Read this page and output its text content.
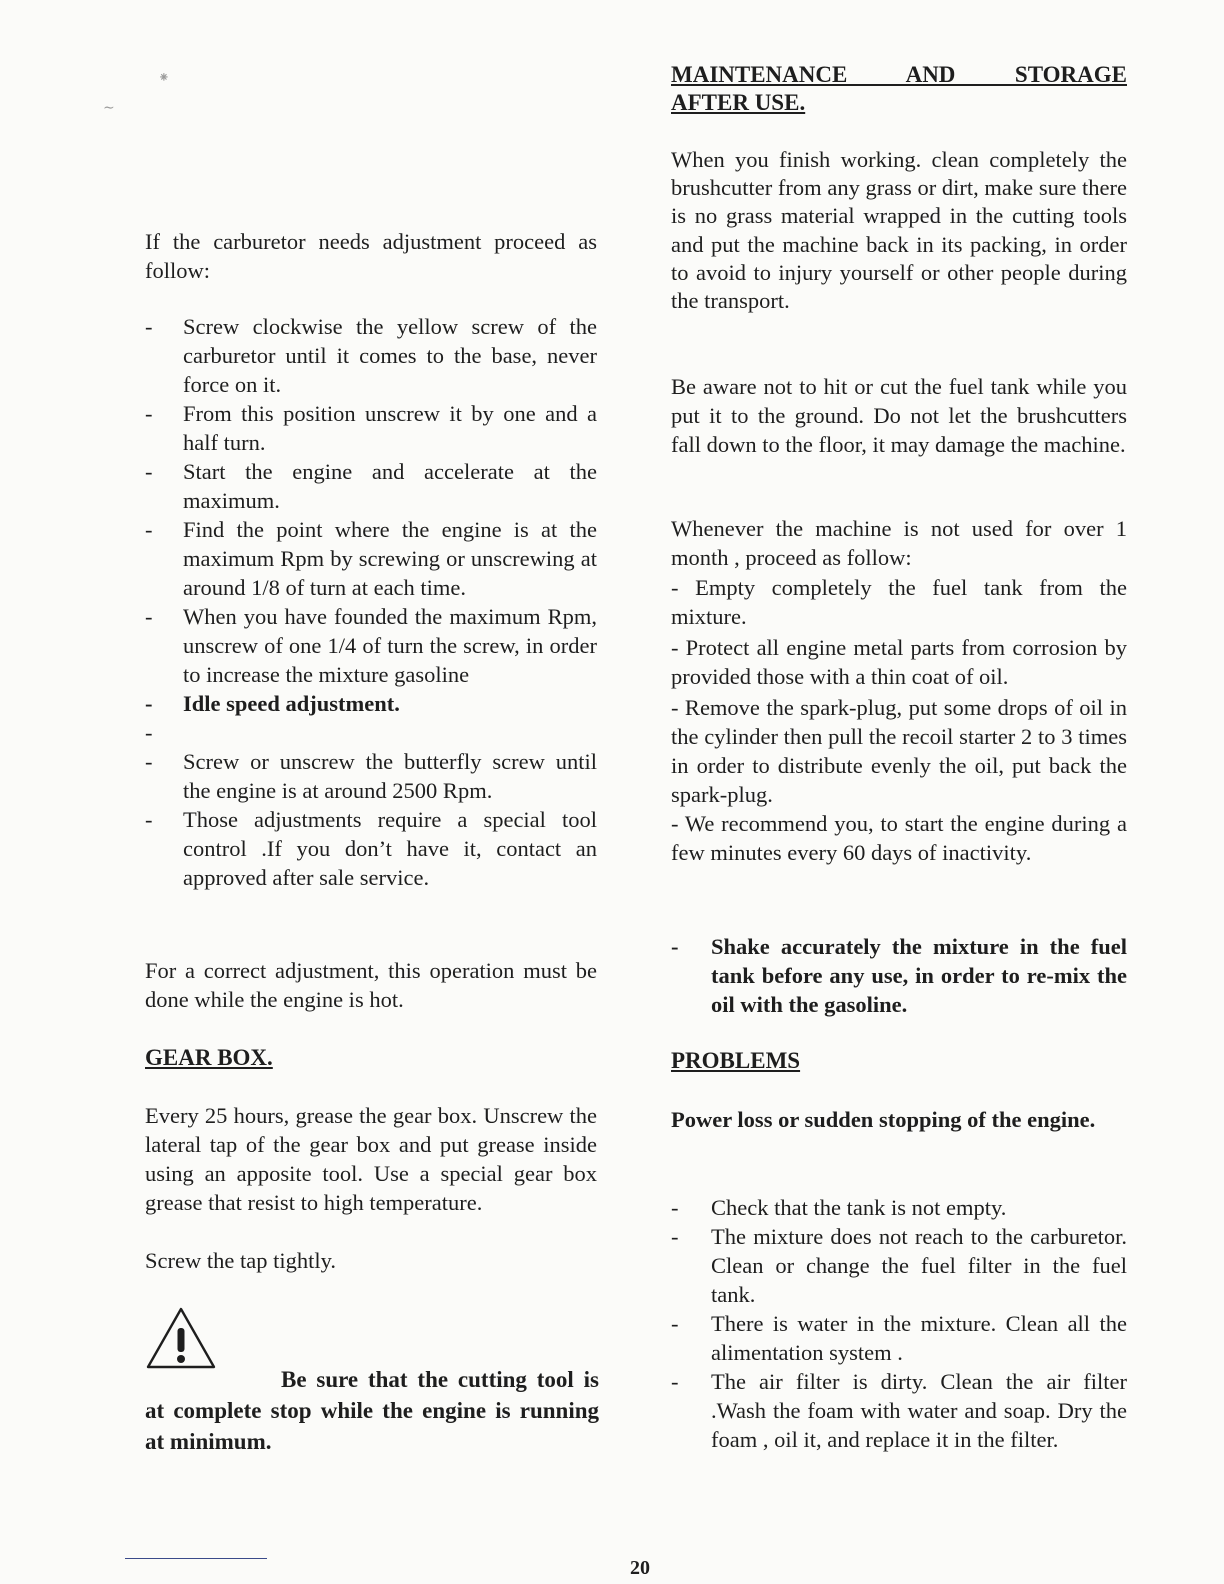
⁕
∼

If the carburetor needs adjustment proceed as follow:

- Screw clockwise the yellow screw of the carburetor until it comes to the base, never force on it.
- From this position unscrew it by one and a half turn.
- Start the engine and accelerate at the maximum.
- Find the point where the engine is at the maximum Rpm by screwing or unscrewing at around 1/8 of turn at each time.
- When you have founded the maximum Rpm, unscrew of one 1/4 of turn the screw, in order to increase the mixture gasoline
- Idle speed adjustment.
-
- Screw or unscrew the butterfly screw until the engine is at around 2500 Rpm.
- Those adjustments require a special tool control .If you don’t have it, contact an approved after sale service.

For a correct adjustment, this operation must be done while the engine is hot.

GEAR BOX.

Every 25 hours, grease the gear box. Unscrew the lateral tap of the gear box and put grease inside using an apposite tool. Use a special gear box grease that resist to high temperature.

Screw the tap tightly.

Be sure that the cutting tool is at complete stop while the engine is running at minimum.
MAINTENANCE AND STORAGE
AFTER USE.

When you finish working. clean completely the brushcutter from any grass or dirt, make sure there is no grass material wrapped in the cutting tools and put the machine back in its packing, in order to avoid to injury yourself or other people during the transport.

Be aware not to hit or cut the fuel tank while you put it to the ground. Do not let the brushcutters fall down to the floor, it may damage the machine.

Whenever the machine is not used for over 1 month , proceed as follow:

- Empty completely the fuel tank from the mixture.

- Protect all engine metal parts from corrosion by provided those with a thin coat of oil.

- Remove the spark-plug, put some drops of oil in the cylinder then pull the recoil starter 2 to 3 times in order to distribute evenly the oil, put back the spark-plug.

- We recommend you, to start the engine during a few minutes every 60 days of inactivity.

- Shake accurately the mixture in the fuel tank before any use, in order to re-mix the oil with the gasoline.
PROBLEMS

Power loss or sudden stopping of the engine.

- Check that the tank is not empty.
- The mixture does not reach to the carburetor. Clean or change the fuel filter in the fuel tank.
- There is water in the mixture. Clean all the alimentation system .
- The air filter is dirty. Clean the air filter .Wash the foam with water and soap. Dry the foam , oil it, and replace it in the filter.
20
